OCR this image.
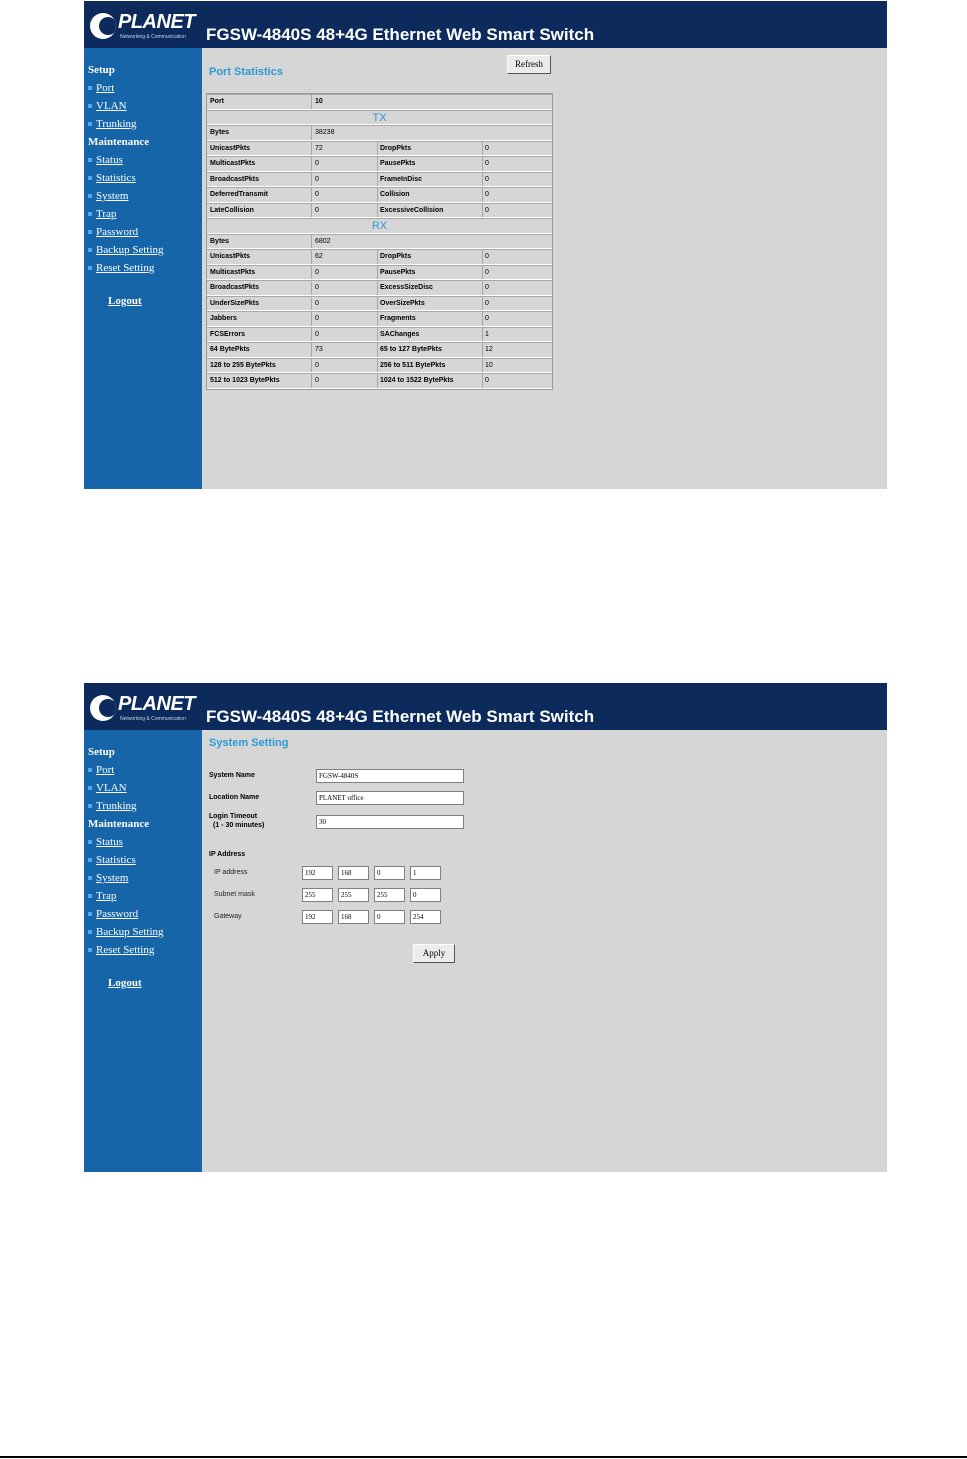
PLANET
Networking & Communication FGSW-4840S 48+4G Ethernet Web Smart Switch
Setup
Port
VLAN
Trunking
Maintenance
Status
Statistics
System
Trap
Password
Backup Setting
Reset Setting
Logout
Port Statistics
Refresh
Port	10
TX
Bytes	38238
UnicastPkts	72	DropPkts	0
MulticastPkts	0	PausePkts	0
BroadcastPkts	0	FrameInDisc	0
DeferredTransmit	0	Collision	0
LateCollision	0	ExcessiveCollision	0
RX
Bytes	6802
UnicastPkts	62	DropPkts	0
MulticastPkts	0	PausePkts	0
BroadcastPkts	0	ExcessSizeDisc	0
UnderSizePkts	0	OverSizePkts	0
Jabbers	0	Fragments	0
FCSErrors	0	SAChanges	1
64 BytePkts	73	65 to 127 BytePkts	12
128 to 255 BytePkts	0	256 to 511 BytePkts	10
512 to 1023 BytePkts	0	1024 to 1522 BytePkts	0
PLANET
Networking & Communication FGSW-4840S 48+4G Ethernet Web Smart Switch
Setup
Port
VLAN
Trunking
Maintenance
Status
Statistics
System
Trap
Password
Backup Setting
Reset Setting
Logout
System Setting
System Name
FGSW-4840S
Location Name
PLANET office
Login Timeout
(1 - 30 minutes)
30
IP Address
IP address
192
168
0
1
Subnet mask
255
255
255
0
Gateway
192
168
0
254
Apply
